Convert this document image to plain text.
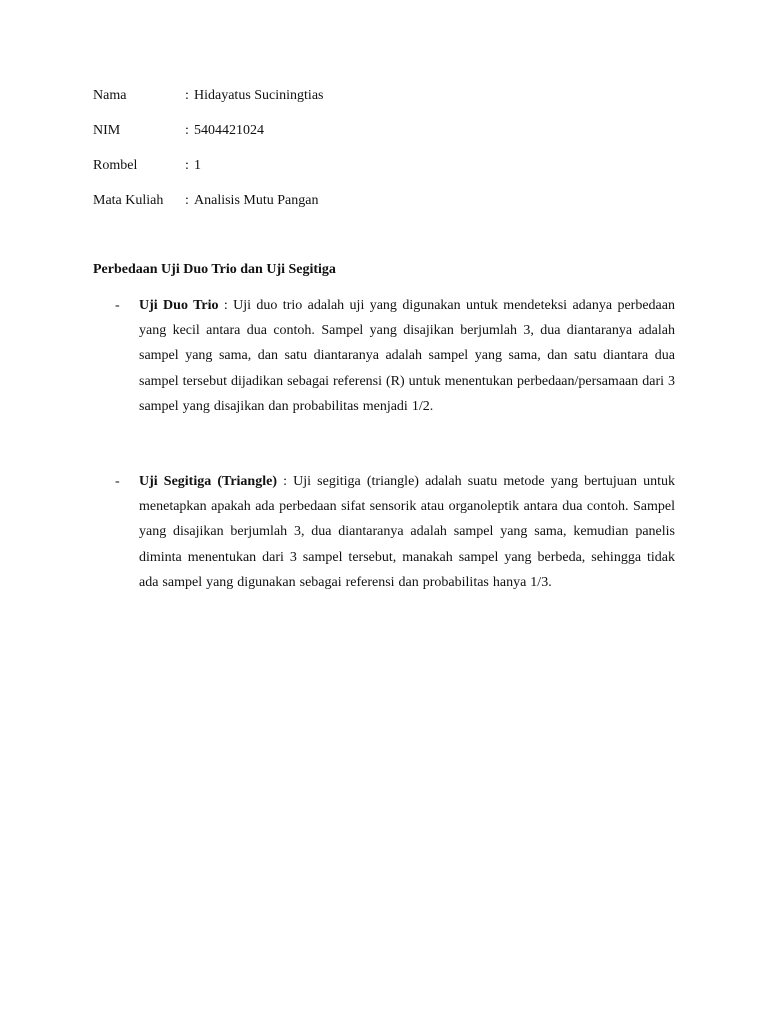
Nama	: Hidayatus Suciningtias
NIM	: 5404421024
Rombel	: 1
Mata Kuliah	: Analisis Mutu Pangan
Perbedaan Uji Duo Trio dan Uji Segitiga
- Uji Duo Trio : Uji duo trio adalah uji yang digunakan untuk mendeteksi adanya perbedaan yang kecil antara dua contoh. Sampel yang disajikan berjumlah 3, dua diantaranya adalah sampel yang sama, dan satu diantaranya adalah sampel yang sama, dan satu diantara dua sampel tersebut dijadikan sebagai referensi (R) untuk menentukan perbedaan/persamaan dari 3 sampel yang disajikan dan probabilitas menjadi 1/2.
- Uji Segitiga (Triangle) : Uji segitiga (triangle) adalah suatu metode yang bertujuan untuk menetapkan apakah ada perbedaan sifat sensorik atau organoleptik antara dua contoh. Sampel yang disajikan berjumlah 3, dua diantaranya adalah sampel yang sama, kemudian panelis diminta menentukan dari 3 sampel tersebut, manakah sampel yang berbeda, sehingga tidak ada sampel yang digunakan sebagai referensi dan probabilitas hanya 1/3.
